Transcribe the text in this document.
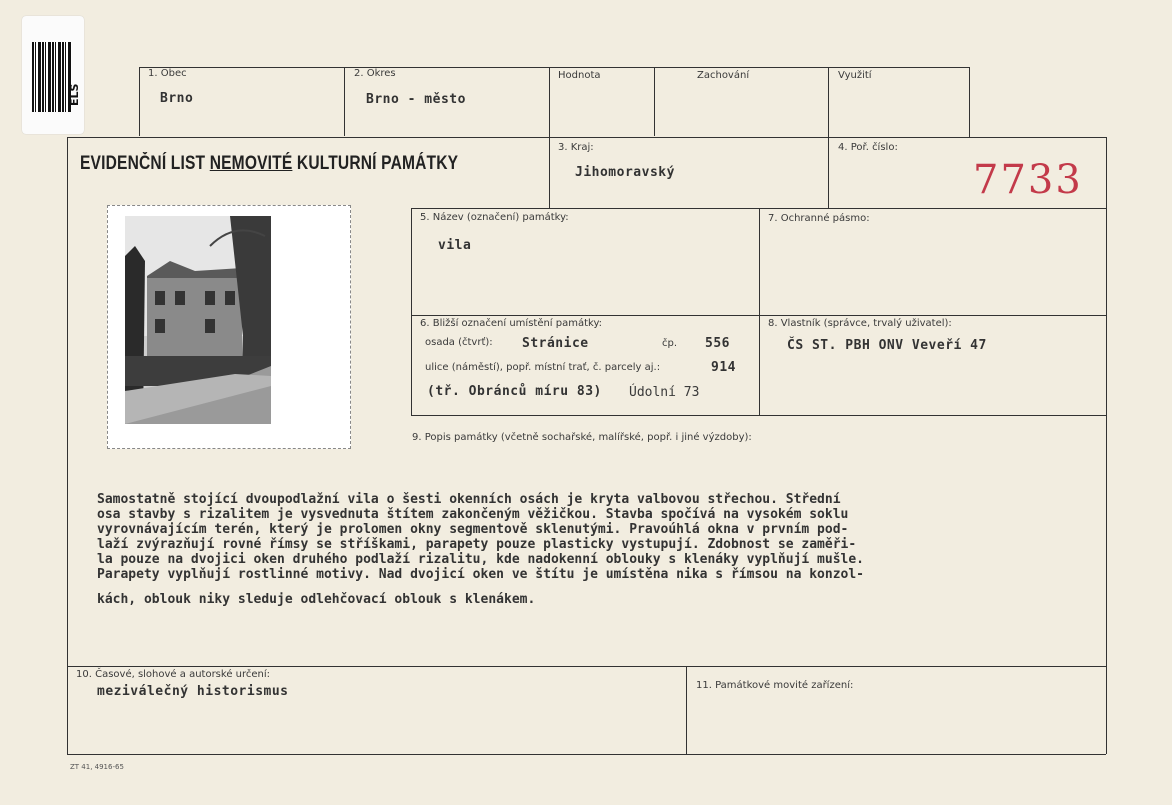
ELS
1. Obec
Brno
2. Okres
Brno - město
Hodnota	Zachování	Využití
EVIDENČNÍ LIST NEMOVITÉ KULTURNÍ PAMÁTKY
3. Kraj:
Jihomoravský
4. Poř. číslo:
7733
5. Název (označení) památky:
vila
7. Ochranné pásmo:
6. Bližší označení umístění památky:
osada (čtvrť): Stránice	čp. 556
ulice (náměstí), popř. místní trať, č. parcely aj.:	914
(tř. Obránců míru 83) Údolní 73
8. Vlastník (správce, trvalý uživatel):
ČS ST. PBH ONV Veveří 47
9. Popis památky (včetně sochařské, malířské, popř. i jiné výzdoby):
Samostatně stojící dvoupodlažní vila o šesti okenních osách je kryta valbovou střechou. Střední
osa stavby s rizalitem je vysvednuta štítem zakončeným věžičkou. Stavba spočívá na vysokém soklu
vyrovnávajícím terén, který je prolomen okny segmentově sklenutými. Pravoúhlá okna v prvním pod-
laží zvýrazňují rovné římsy se stříškami, parapety pouze plasticky vystupují. Zdobnost se zaměři-
la pouze na dvojici oken druhého podlaží rizalitu, kde nadokenní oblouky s klenáky vyplňují mušle.
Parapety vyplňují rostlinné motivy. Nad dvojicí oken ve štítu je umístěna nika s římsou na konzol-
kách, oblouk niky sleduje odlehčovací oblouk s klenákem.
10. Časové, slohové a autorské určení:
meziválečný historismus	11. Památkové movité zařízení:
ZT 41, 4916-65
